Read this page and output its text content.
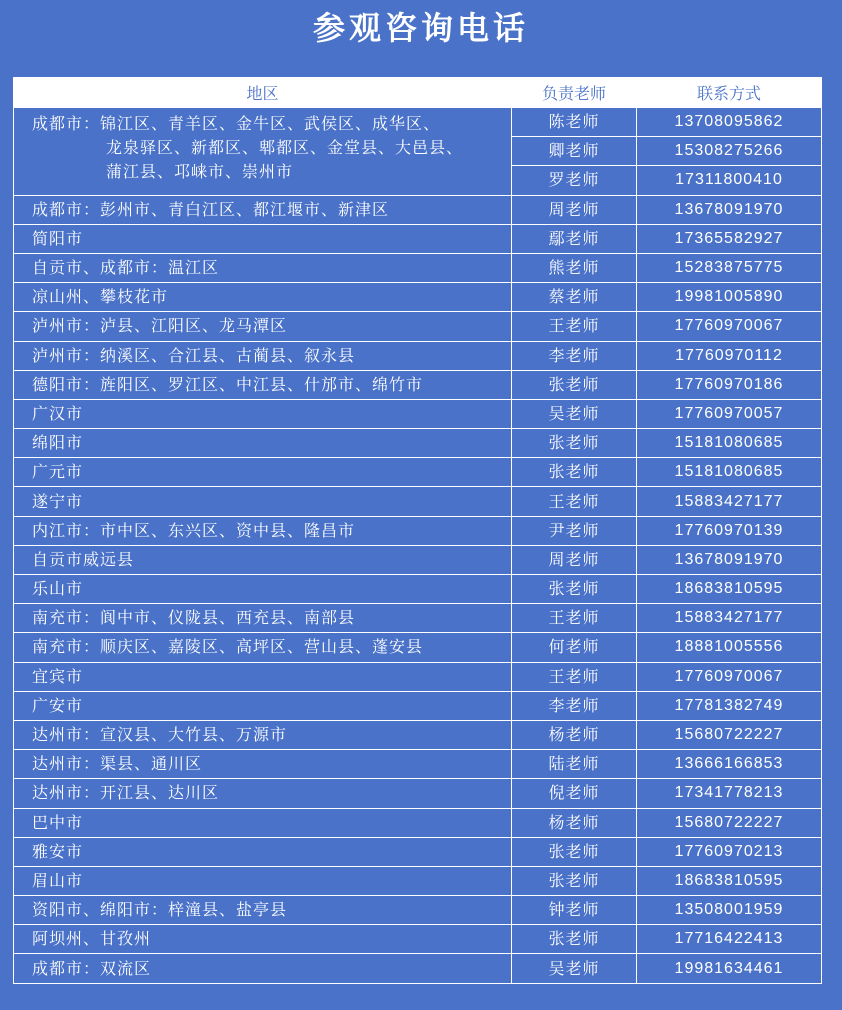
参观咨询电话
地区	负责老师	联系方式

成都市：锦江区、青羊区、金牛区、武侯区、成华区、
龙泉驿区、新都区、郫都区、金堂县、大邑县、
蒲江县、邛崃市、崇州市	陈老师	13708095862
	卿老师	15308275266
	罗老师	17311800410
成都市：彭州市、青白江区、都江堰市、新津区	周老师	13678091970
简阳市	鄢老师	17365582927
自贡市、成都市：温江区	熊老师	15283875775
凉山州、攀枝花市	蔡老师	19981005890
泸州市：泸县、江阳区、龙马潭区	王老师	17760970067
泸州市：纳溪区、合江县、古蔺县、叙永县	李老师	17760970112
德阳市：旌阳区、罗江区、中江县、什邡市、绵竹市	张老师	17760970186
广汉市	吴老师	17760970057
绵阳市	张老师	15181080685
广元市	张老师	15181080685
遂宁市	王老师	15883427177
内江市：市中区、东兴区、资中县、隆昌市	尹老师	17760970139
自贡市威远县	周老师	13678091970
乐山市	张老师	18683810595
南充市：阆中市、仪陇县、西充县、南部县	王老师	15883427177
南充市：顺庆区、嘉陵区、高坪区、营山县、蓬安县	何老师	18881005556
宜宾市	王老师	17760970067
广安市	李老师	17781382749
达州市：宣汉县、大竹县、万源市	杨老师	15680722227
达州市：渠县、通川区	陆老师	13666166853
达州市：开江县、达川区	倪老师	17341778213
巴中市	杨老师	15680722227
雅安市	张老师	17760970213
眉山市	张老师	18683810595
资阳市、绵阳市：梓潼县、盐亭县	钟老师	13508001959
阿坝州、甘孜州	张老师	17716422413
成都市：双流区	吴老师	19981634461
